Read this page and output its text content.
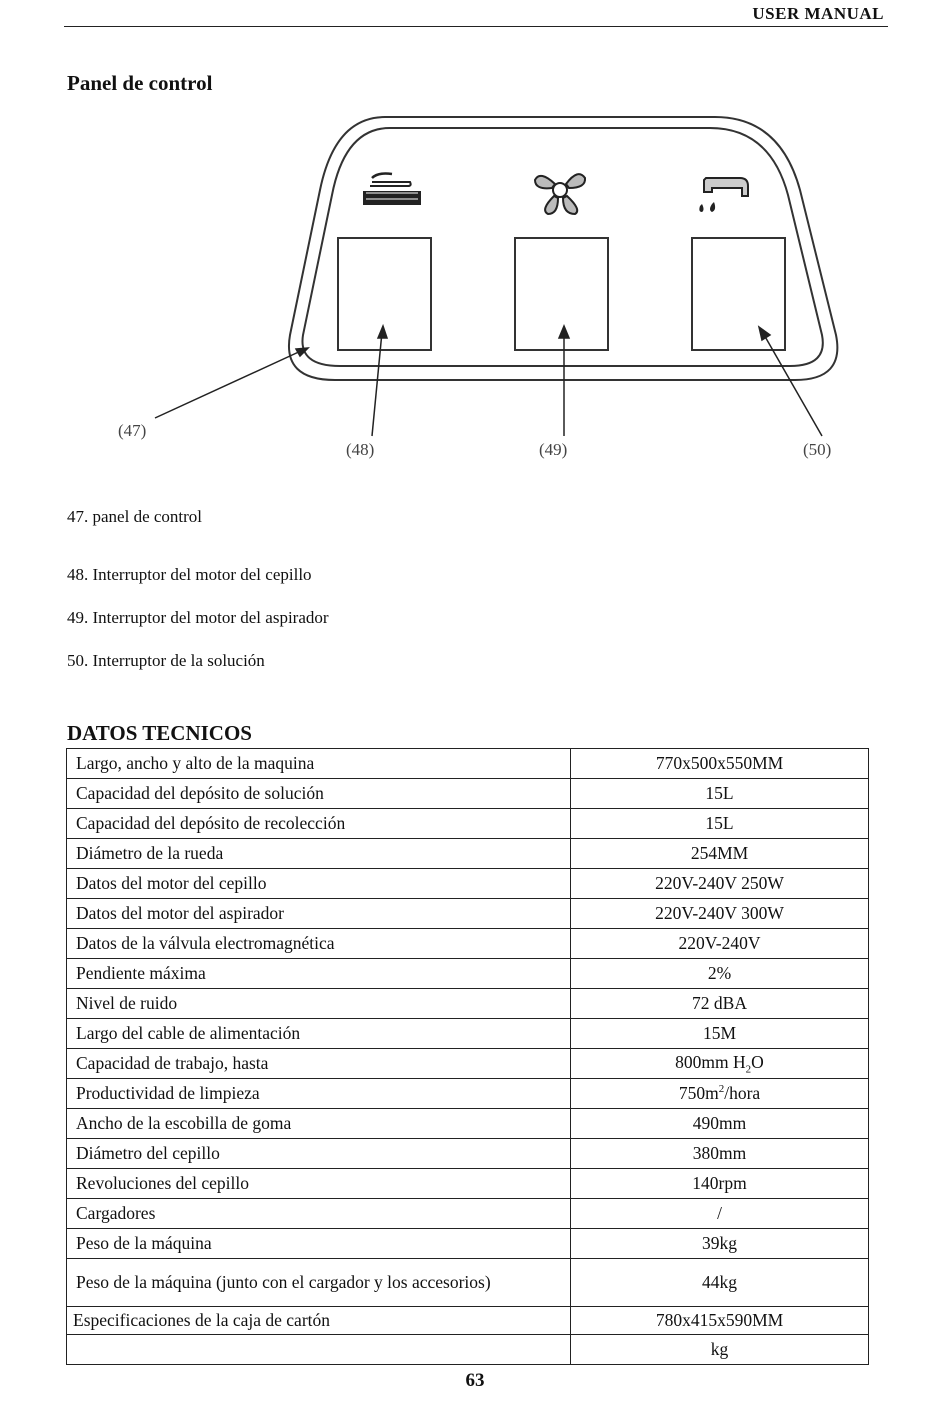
USER MANUAL
Panel de control
(47)
(48)	(49)	(50)
47. panel de control
48. Interruptor del motor del cepillo
49. Interruptor del motor del aspirador
50. Interruptor de la solución
DATOS TECNICOS
Largo, ancho y alto de la maquina	770x500x550MM
Capacidad del depósito de solución	15L
Capacidad del depósito de recolección	15L
Diámetro de la rueda	254MM
Datos del motor del cepillo	220V-240V 250W
Datos del motor del aspirador	220V-240V 300W
Datos de la válvula electromagnética	220V-240V
Pendiente máxima	2%
Nivel de ruido	72 dBA
Largo del cable de alimentación	15M
Capacidad de trabajo, hasta	800mm $H_2O$
Productividad de limpieza	$750m^2$/hora
Ancho de la escobilla de goma	490mm
Diámetro del cepillo	380mm
Revoluciones del cepillo	140rpm
Cargadores	/
Peso de la máquina	39kg
Peso de la máquina (junto con el cargador y los accesorios)	44kg
Especificaciones de la caja de cartón	780x415x590MM
	kg
63
